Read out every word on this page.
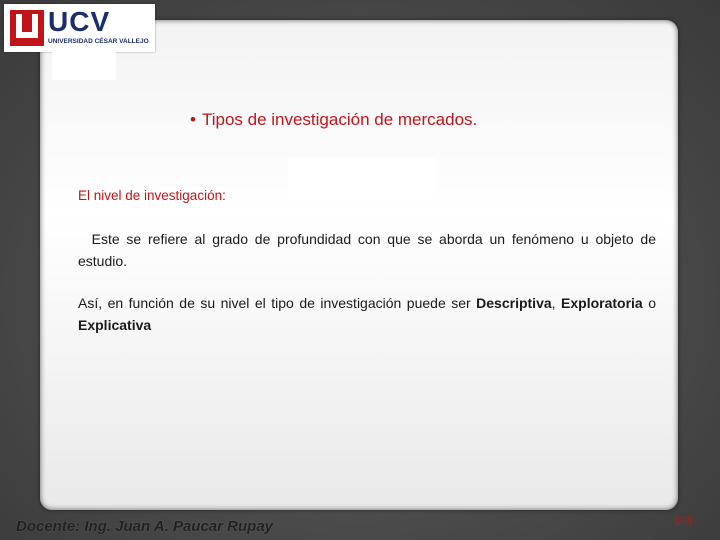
UCV
UNIVERSIDAD CÉSAR VALLEJO
• Tipos de investigación de mercados.
El nivel de investigación:
Este se refiere al grado de profundidad con que se aborda un fenómeno u objeto de estudio.
Así, en función de su nivel el tipo de investigación puede ser Descriptiva, Exploratoria o Explicativa
Docente: Ing. Juan A. Paucar Rupay	[22]
